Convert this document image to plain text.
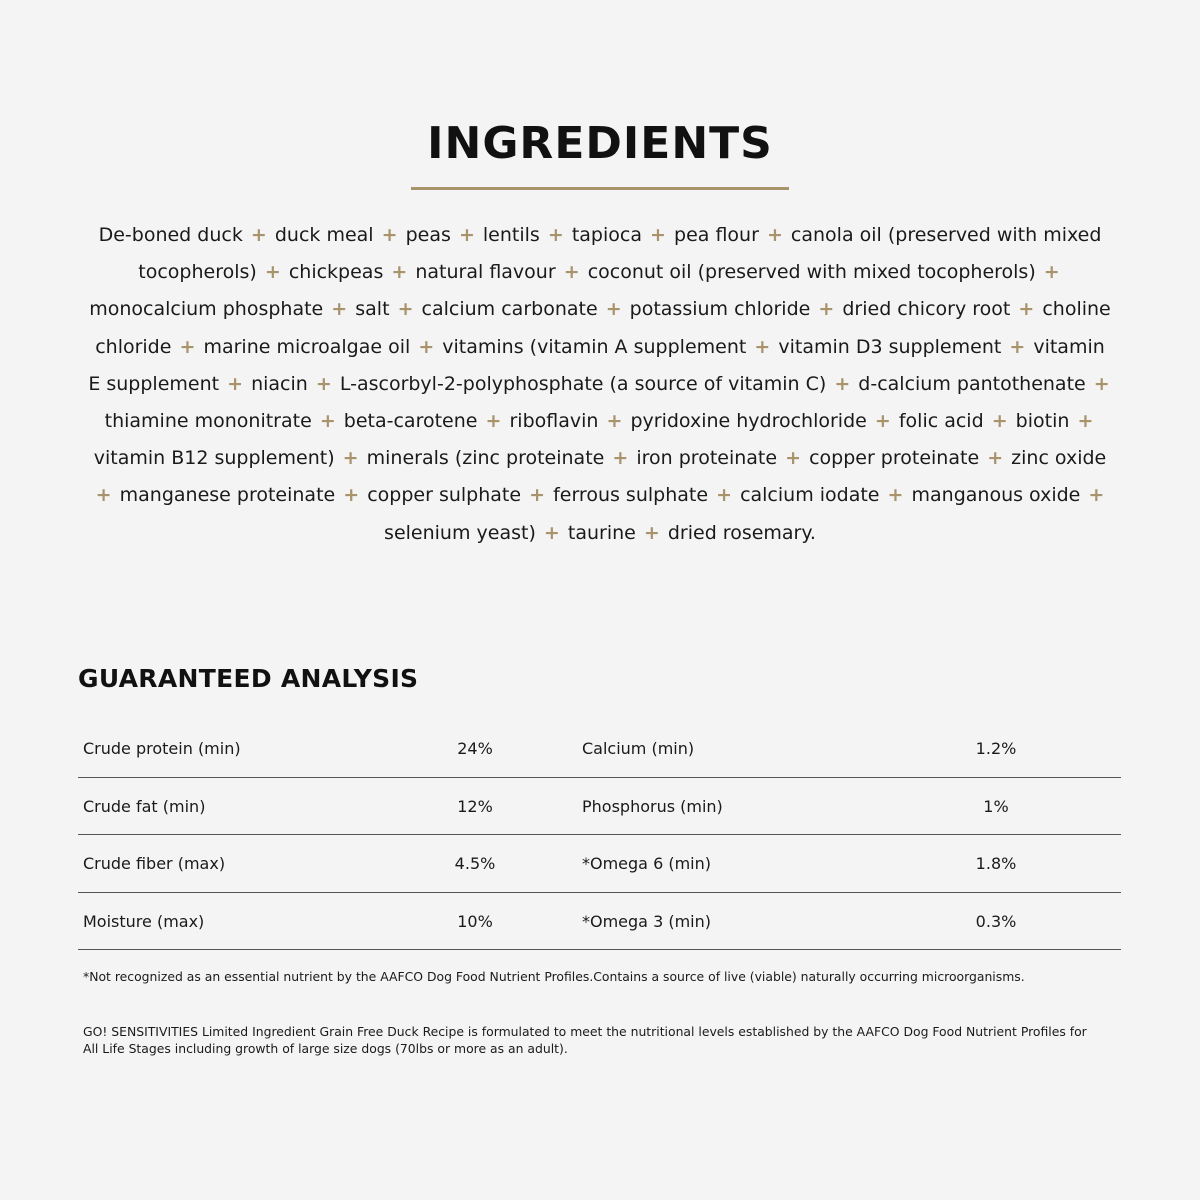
INGREDIENTS

De-boned duck + duck meal + peas + lentils + tapioca + pea flour + canola oil (preserved with mixed tocopherols) + chickpeas + natural flavour + coconut oil (preserved with mixed tocopherols) + monocalcium phosphate + salt + calcium carbonate + potassium chloride + dried chicory root + choline chloride + marine microalgae oil + vitamins (vitamin A supplement + vitamin D3 supplement + vitamin E supplement + niacin + L-ascorbyl-2-polyphosphate (a source of vitamin C) + d-calcium pantothenate + thiamine mononitrate + beta-carotene + riboflavin + pyridoxine hydrochloride + folic acid + biotin + vitamin B12 supplement) + minerals (zinc proteinate + iron proteinate + copper proteinate + zinc oxide + manganese proteinate + copper sulphate + ferrous sulphate + calcium iodate + manganous oxide + selenium yeast) + taurine + dried rosemary.

GUARANTEED ANALYSIS
Crude protein (min)	24%	Calcium (min)	1.2%
Crude fat (min)	12%	Phosphorus (min)	1%
Crude fiber (max)	4.5%	*Omega 6 (min)	1.8%
Moisture (max)	10%	*Omega 3 (min)	0.3%

*Not recognized as an essential nutrient by the AAFCO Dog Food Nutrient Profiles.Contains a source of live (viable) naturally occurring microorganisms.

GO! SENSITIVITIES Limited Ingredient Grain Free Duck Recipe is formulated to meet the nutritional levels established by the AAFCO Dog Food Nutrient Profiles for All Life Stages including growth of large size dogs (70lbs or more as an adult).
